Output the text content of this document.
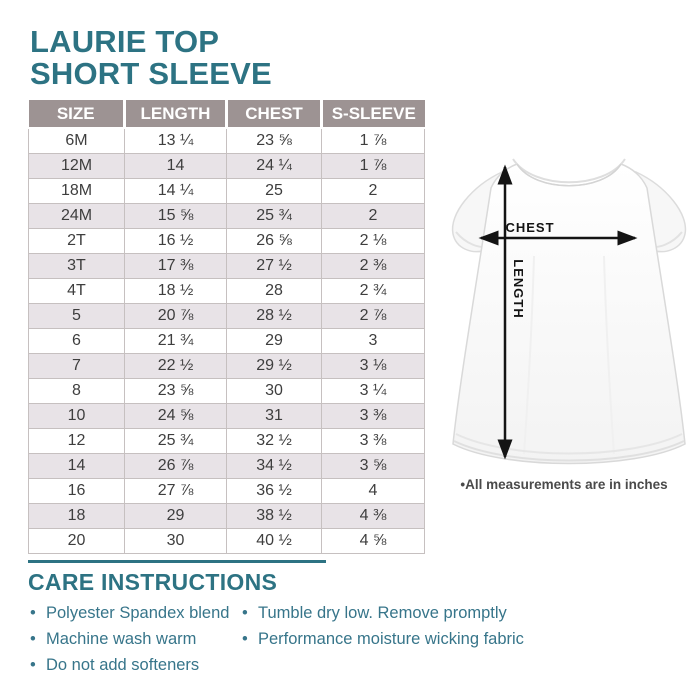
LAURIE TOP
SHORT SLEEVE
SIZE	LENGTH	CHEST	S-SLEEVE
6M	13 ¼	23 ⅝	1 ⅞
12M	14	24 ¼	1 ⅞
18M	14 ¼	25	2
24M	15 ⅝	25 ¾	2
2T	16 ½	26 ⅝	2 ⅛
3T	17 ⅜	27 ½	2 ⅜
4T	18 ½	28	2 ¾
5	20 ⅞	28 ½	2 ⅞
6	21 ¾	29	3
7	22 ½	29 ½	3 ⅛
8	23 ⅝	30	3 ¼
10	24 ⅝	31	3 ⅜
12	25 ¾	32 ½	3 ⅜
14	26 ⅞	34 ½	3 ⅝
16	27 ⅞	36 ½	4
18	29	38 ½	4 ⅜
20	30	40 ½	4 ⅝
CHEST
LENGTH
•All measurements are in inches
CARE INSTRUCTIONS
• Polyester Spandex blend
• Machine wash warm
• Do not add softeners
• Tumble dry low. Remove promptly
• Performance moisture wicking fabric
